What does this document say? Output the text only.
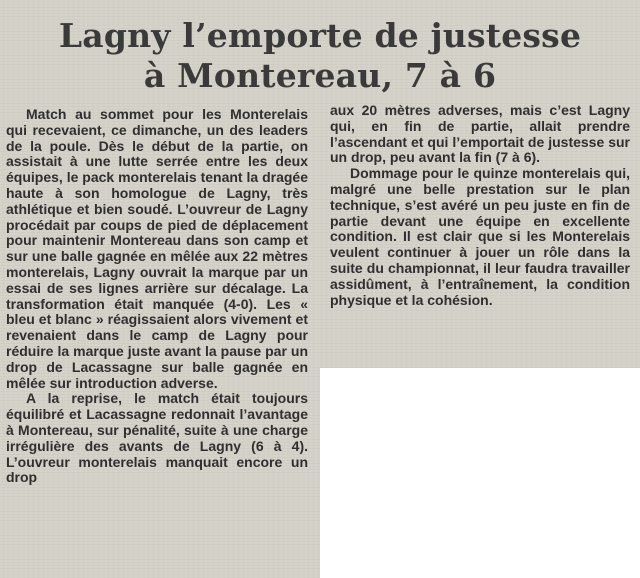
Lagny l’emporte de justesse
à Montereau, 7 à 6

Match au sommet pour les Monterelais qui recevaient, ce dimanche, un des leaders de la poule. Dès le début de la partie, on assistait à une lutte serrée entre les deux équipes, le pack monterelais tenant la dragée haute à son homologue de Lagny, très athlétique et bien soudé. L’ouvreur de Lagny procédait par coups de pied de déplacement pour maintenir Montereau dans son camp et sur une balle gagnée en mêlée aux 22 mètres monterelais, Lagny ouvrait la marque par un essai de ses lignes arrière sur décalage. La transformation était manquée (4-0). Les « bleu et blanc » réagissaient alors vivement et revenaient dans le camp de Lagny pour réduire la marque juste avant la pause par un drop de Lacassagne sur balle gagnée en mêlée sur introduction adverse.

A la reprise, le match était toujours équilibré et Lacassagne redonnait l’avantage à Montereau, sur pénalité, suite à une charge irrégulière des avants de Lagny (6 à 4). L’ouvreur monterelais manquait encore un drop

aux 20 mètres adverses, mais c’est Lagny qui, en fin de partie, allait prendre l’ascendant et qui l’emportait de justesse sur un drop, peu avant la fin (7 à 6).

Dommage pour le quinze monterelais qui, malgré une belle prestation sur le plan technique, s’est avéré un peu juste en fin de partie devant une équipe en excellente condition. Il est clair que si les Monterelais veulent continuer à jouer un rôle dans la suite du championnat, il leur faudra travailler assidûment, à l’entraînement, la condition physique et la cohésion.
